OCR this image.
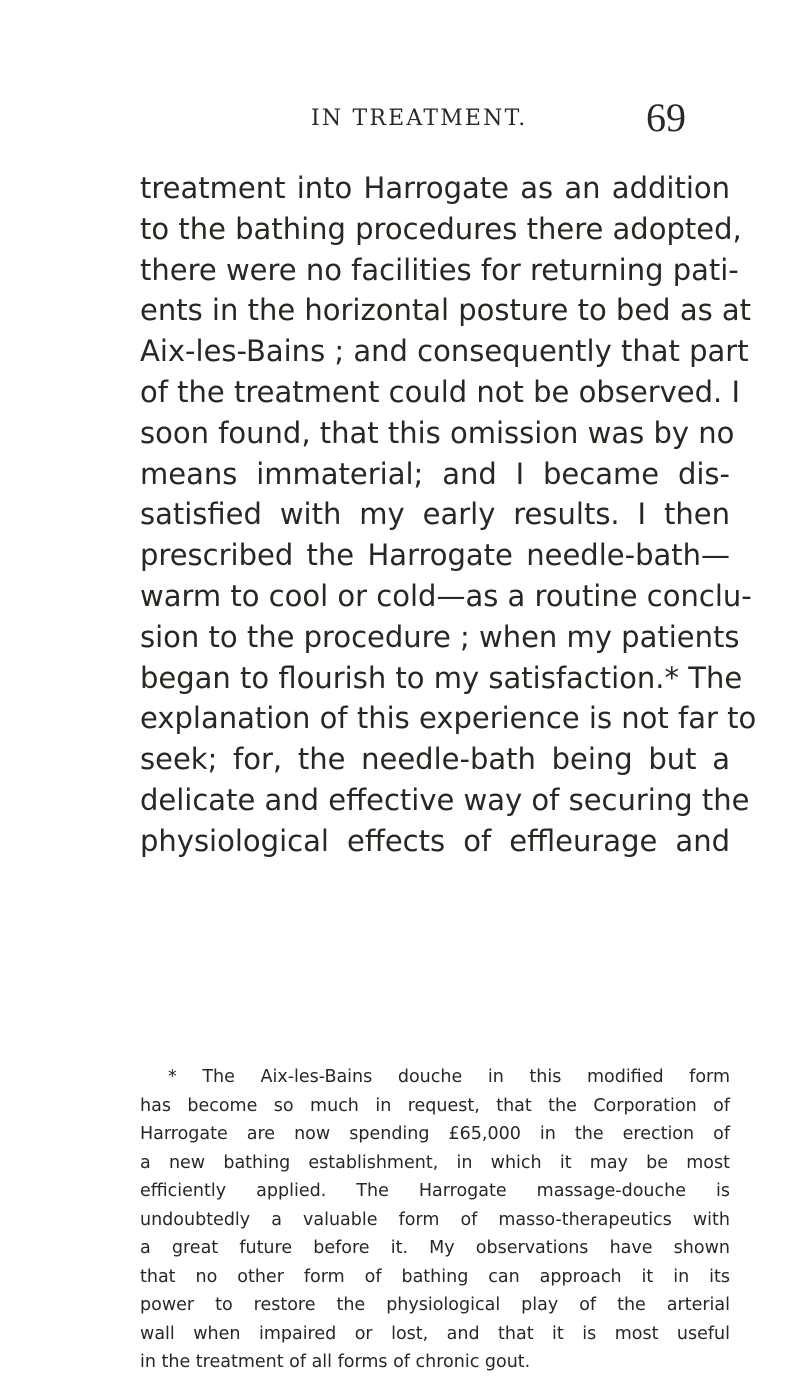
IN TREATMENT.	69
treatment into Harrogate as an addition
to the bathing procedures there adopted,
there were no facilities for returning pati-
ents in the horizontal posture to bed as at
Aix-les-Bains ; and consequently that part
of the treatment could not be observed. I
soon found, that this omission was by no
means immaterial; and I became dis-
satisfied with my early results. I then
prescribed the Harrogate needle-bath—
warm to cool or cold—as a routine conclu-
sion to the procedure ; when my patients
began to flourish to my satisfaction.* The
explanation of this experience is not far to
seek; for, the needle-bath being but a
delicate and effective way of securing the
physiological effects of effleurage and
* The Aix-les-Bains douche in this modified form
has become so much in request, that the Corporation of
Harrogate are now spending £65,000 in the erection of
a new bathing establishment, in which it may be most
efficiently applied. The Harrogate massage-douche is
undoubtedly a valuable form of masso-therapeutics with
a great future before it. My observations have shown
that no other form of bathing can approach it in its
power to restore the physiological play of the arterial
wall when impaired or lost, and that it is most useful
in the treatment of all forms of chronic gout.
